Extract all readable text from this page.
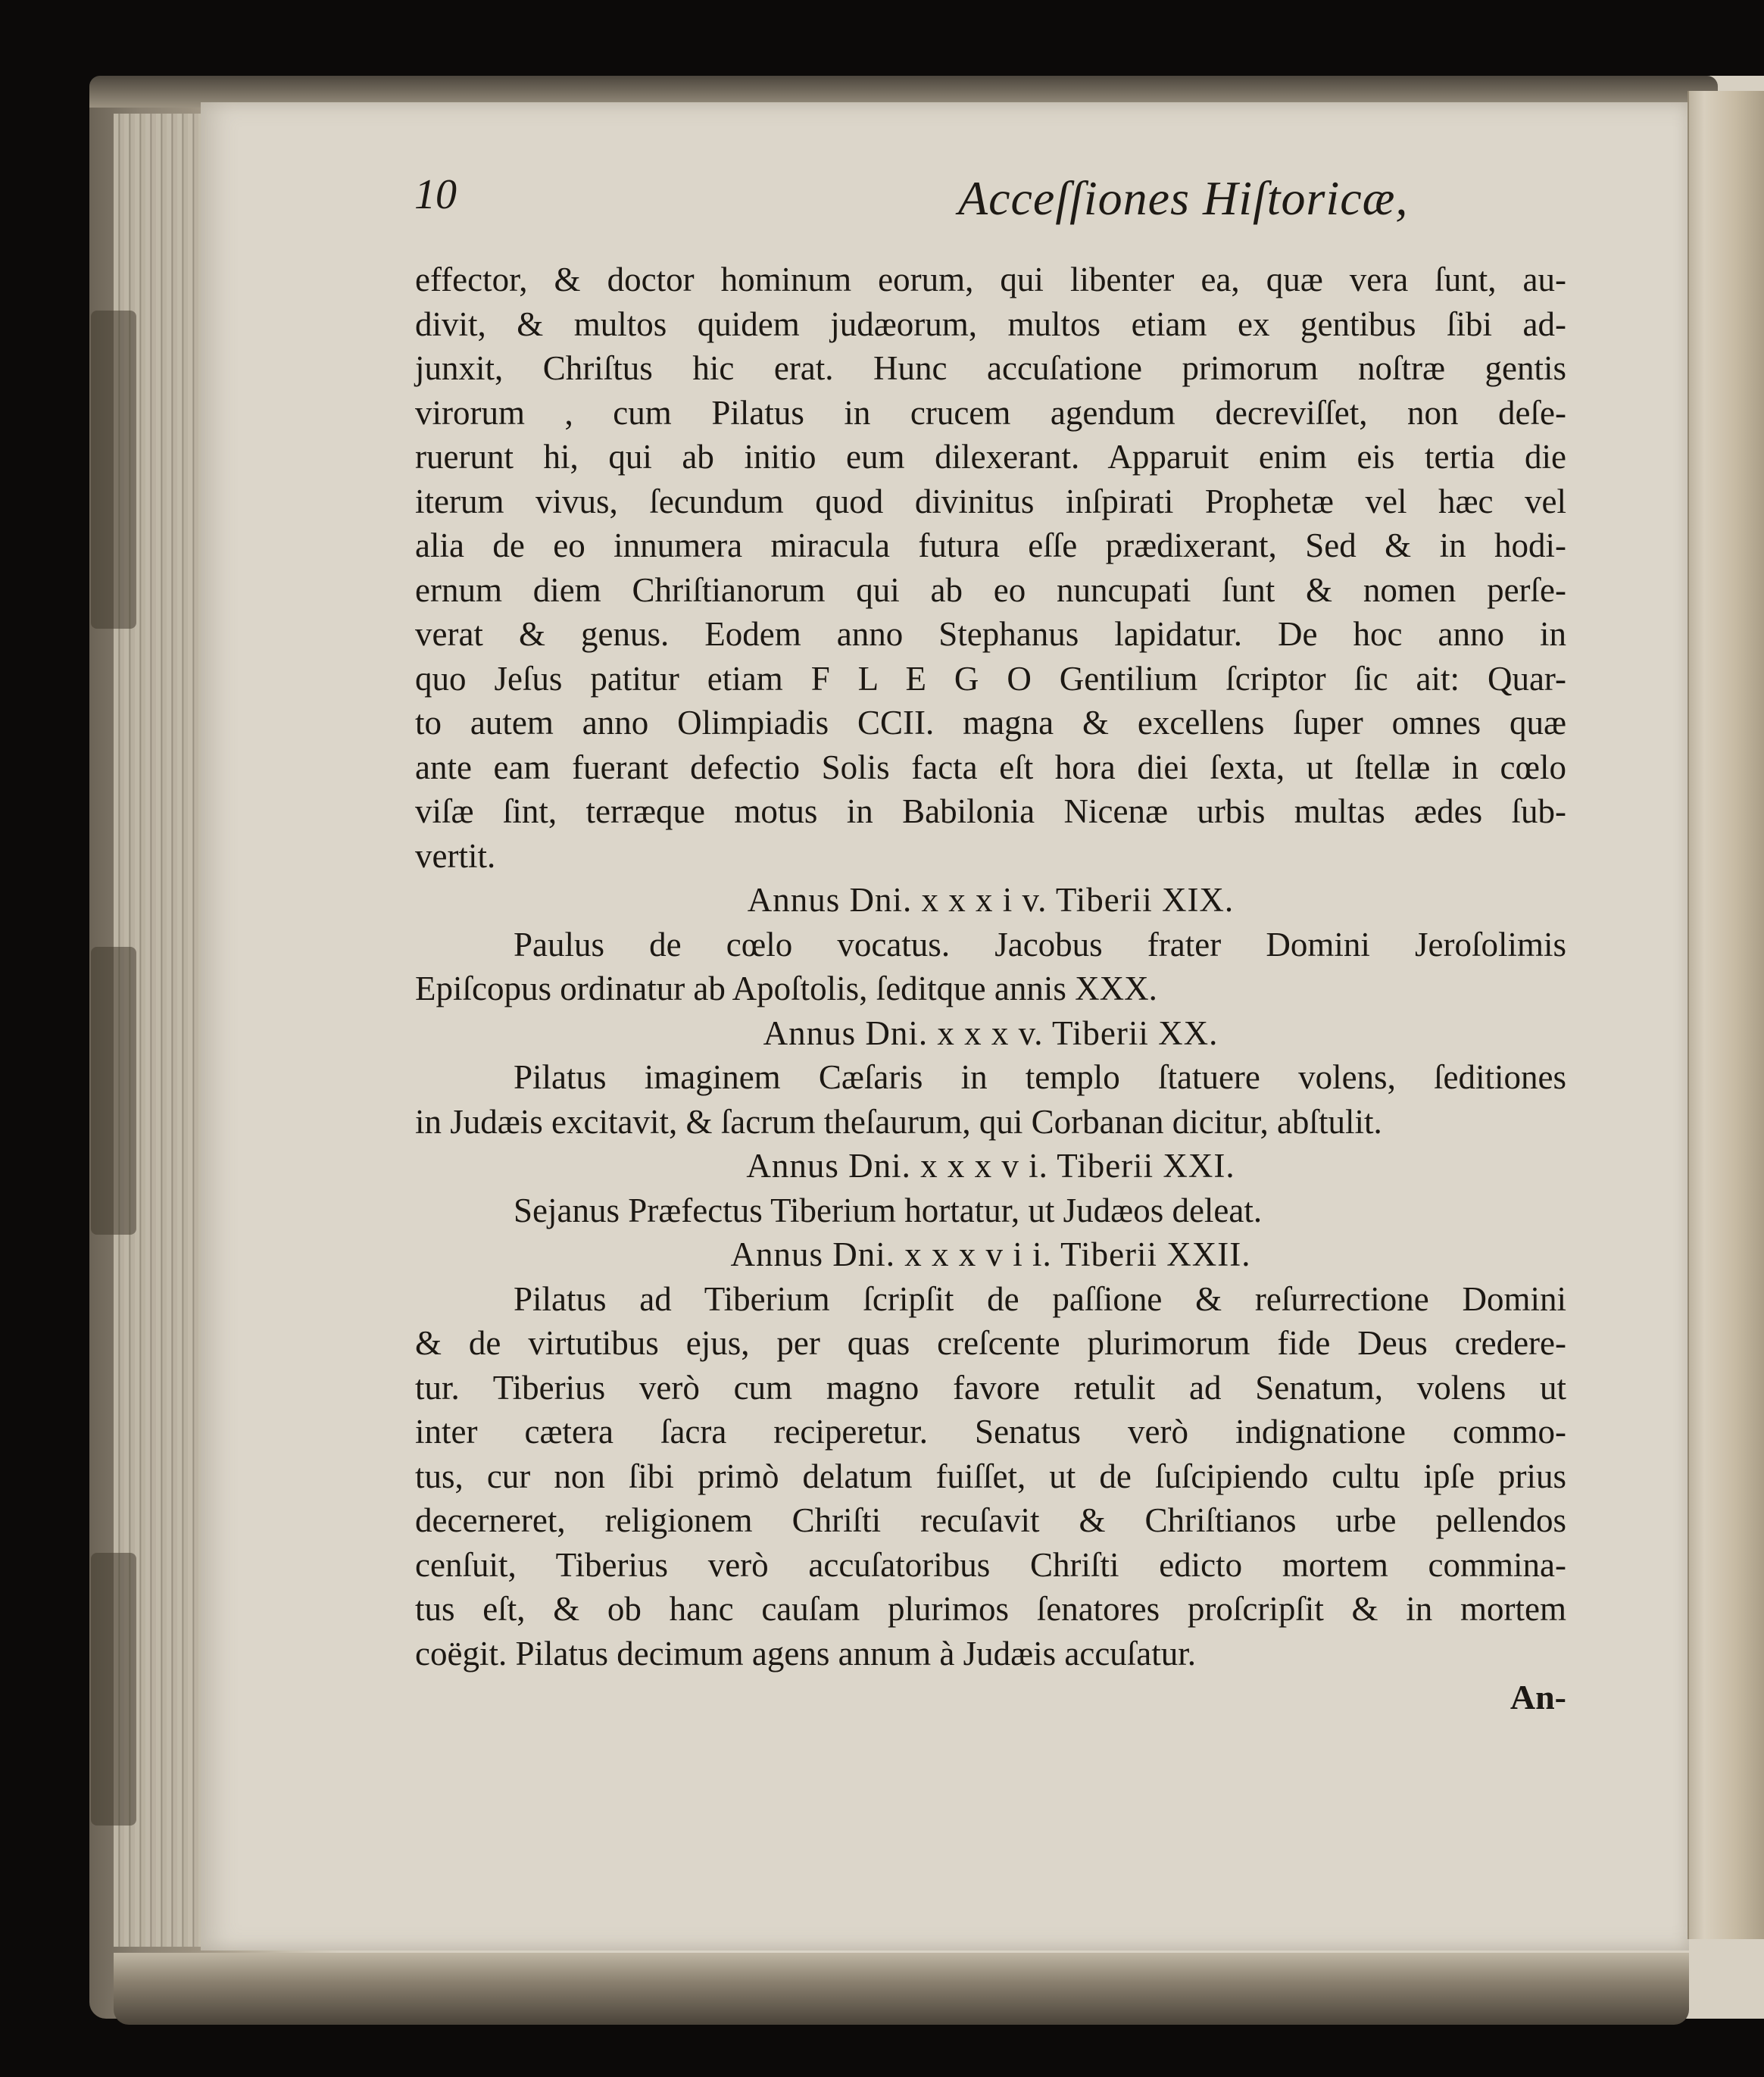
10	Acceſſiones Hiſtoricæ,
effector, & doctor hominum eorum, qui libenter ea, quæ vera ſunt, au-
divit, & multos quidem judæorum, multos etiam ex gentibus ſibi ad-
junxit, Chriſtus hic erat. Hunc accuſatione primorum noſtræ gentis
virorum , cum Pilatus in crucem agendum decreviſſet, non deſe-
ruerunt hi, qui ab initio eum dilexerant. Apparuit enim eis tertia die
iterum vivus, ſecundum quod divinitus inſpirati Prophetæ vel hæc vel
alia de eo innumera miracula futura eſſe prædixerant, Sed & in hodi-
ernum diem Chriſtianorum qui ab eo nuncupati ſunt & nomen perſe-
verat & genus. Eodem anno Stephanus lapidatur. De hoc anno in
quo Jeſus patitur etiam F L E G O Gentilium ſcriptor ſic ait: Quar-
to autem anno Olimpiadis CCII. magna & excellens ſuper omnes quæ
ante eam fuerant defectio Solis facta eſt hora diei ſexta, ut ſtellæ in cœlo
viſæ ſint, terræque motus in Babilonia Nicenæ urbis multas ædes ſub-
vertit.
Annus Dni. x x x i v. Tiberii XIX.
Paulus de cœlo vocatus. Jacobus frater Domini Jeroſolimis
Epiſcopus ordinatur ab Apoſtolis, ſeditque annis XXX.
Annus Dni. x x x v. Tiberii XX.
Pilatus imaginem Cæſaris in templo ſtatuere volens, ſeditiones
in Judæis excitavit, & ſacrum theſaurum, qui Corbanan dicitur, abſtulit.
Annus Dni. x x x v i. Tiberii XXI.
Sejanus Præfectus Tiberium hortatur, ut Judæos deleat.
Annus Dni. x x x v i i. Tiberii XXII.
Pilatus ad Tiberium ſcripſit de paſſione & reſurrectione Domini
& de virtutibus ejus, per quas creſcente plurimorum fide Deus credere-
tur. Tiberius verò cum magno favore retulit ad Senatum, volens ut
inter cætera ſacra reciperetur. Senatus verò indignatione commo-
tus, cur non ſibi primò delatum fuiſſet, ut de ſuſcipiendo cultu ipſe prius
decerneret, religionem Chriſti recuſavit & Chriſtianos urbe pellendos
cenſuit, Tiberius verò accuſatoribus Chriſti edicto mortem commina-
tus eſt, & ob hanc cauſam plurimos ſenatores proſcripſit & in mortem
coëgit. Pilatus decimum agens annum à Judæis accuſatur.
An-
